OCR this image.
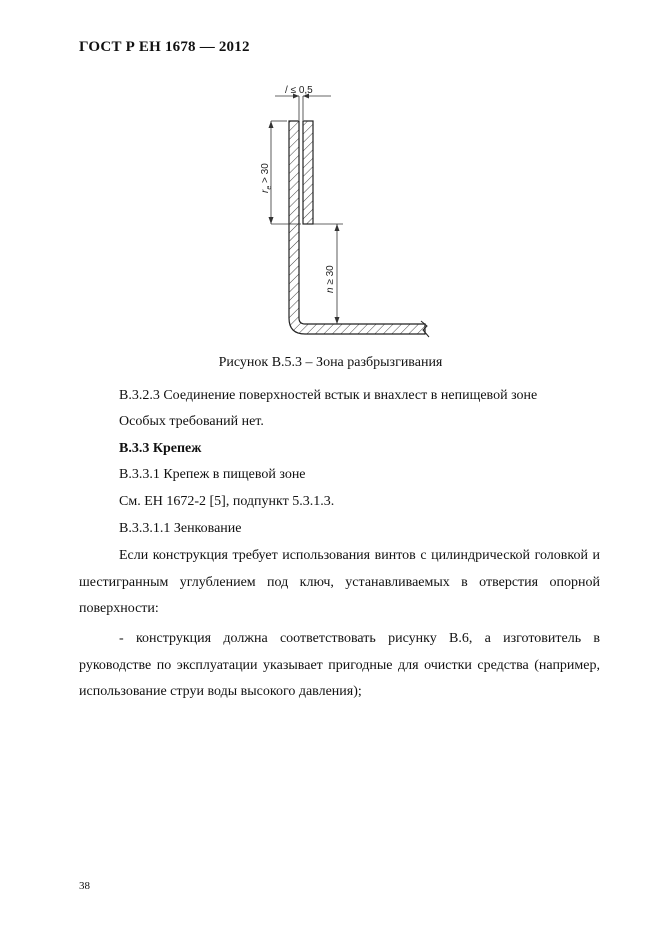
ГОСТ Р ЕН 1678 — 2012
/ ≤ 0,5
$r_e > 30$
n ≥ 30
Рисунок В.5.3 – Зона разбрызгивания
В.3.2.3 Соединение поверхностей встык и внахлест в непищевой зоне
Особых требований нет.
В.3.3 Крепеж
В.3.3.1 Крепеж в пищевой зоне
См. ЕН 1672-2 [5], подпункт 5.3.1.3.
В.3.3.1.1 Зенкование
Если конструкция требует использования винтов с цилиндрической головкой и шестигранным углублением под ключ, устанавливаемых в отверстия опорной поверхности:
- конструкция должна соответствовать рисунку В.6, а изготовитель в руководстве по эксплуатации указывает пригодные для очистки средства (например, использование струи воды высокого давления);
38
